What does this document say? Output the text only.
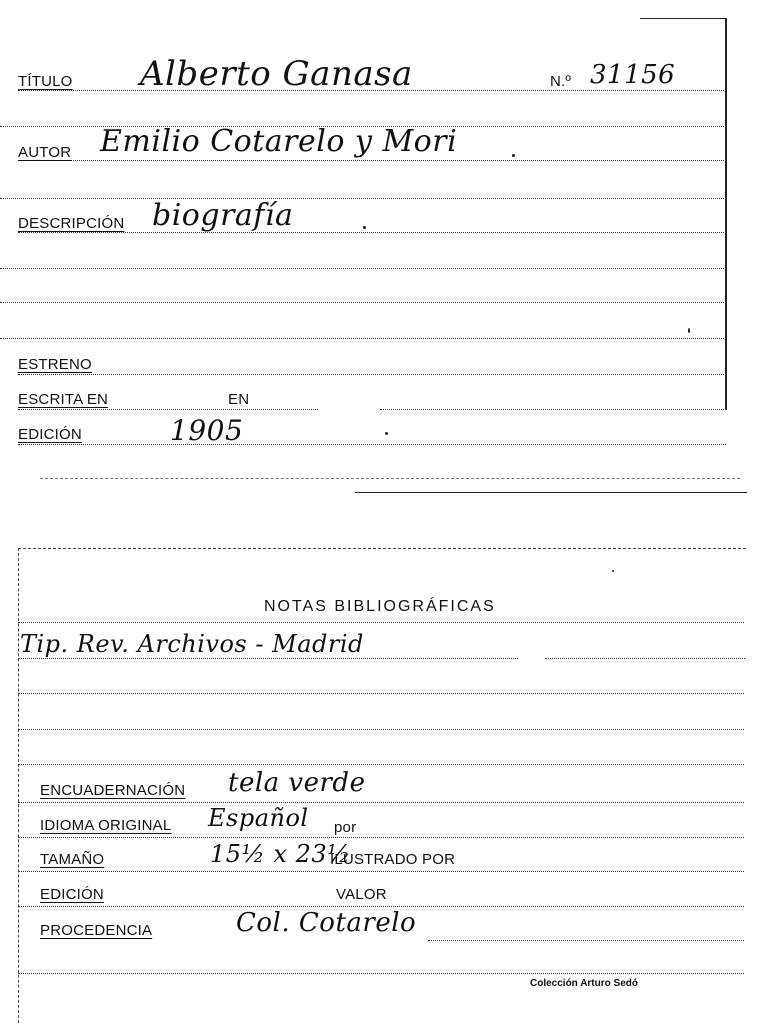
TÍTULO Alberto Ganasa	N.º 31156
AUTOR Emilio Cotarelo y Mori
DESCRIPCIÓN biografía
ESTRENO
ESCRITA EN	EN
EDICIÓN	1905
NOTAS BIBLIOGRÁFICAS
Tip. Rev. Archivos - Madrid
ENCUADERNACIÓN tela verde
IDIOMA ORIGINAL Español por
TAMAÑO	15½ x 23½
ILUSTRADO POR
EDICIÓN	VALOR
PROCEDENCIA	Col. Cotarelo
Colección Arturo Sedó
